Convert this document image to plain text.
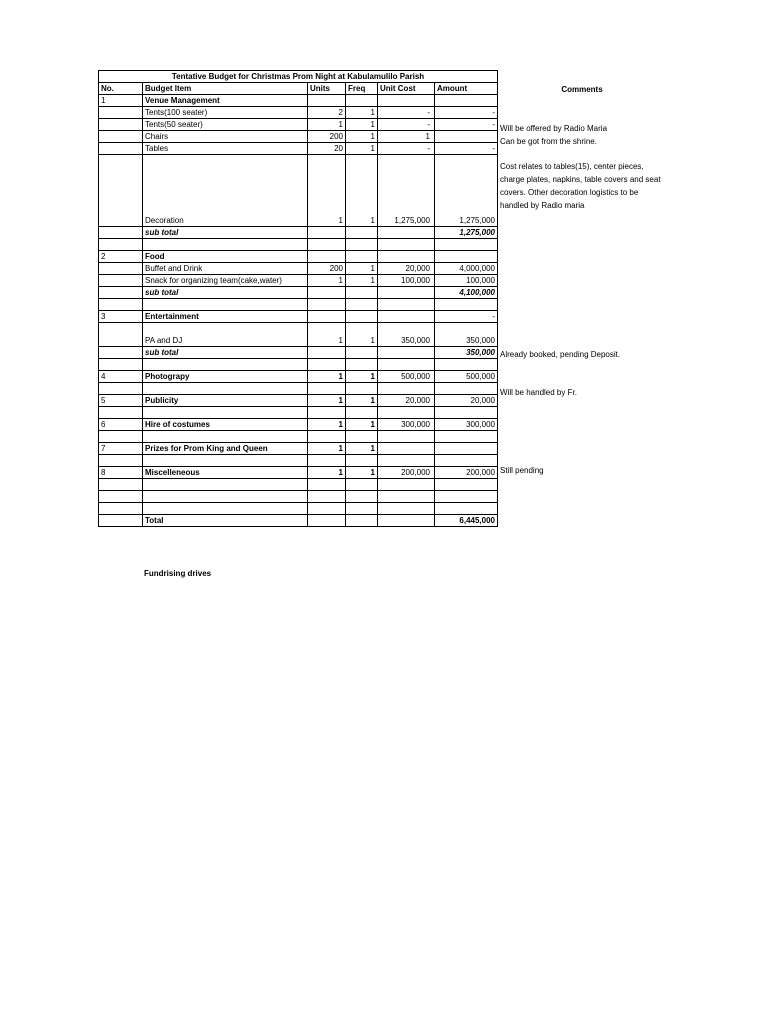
Tentative Budget for Christmas Prom Night at Kabulamulilo Parish					
No.	Budget Item	Units	Freq	Unit Cost	Amount
1	Venue Management				
	Tents(100 seater)	2	1	-	-
	Tents(50 seater)	1	1	-	-
	Chairs	200	1	1	
	Tables	20	1	-	-
	Decoration	1	1	1,275,000	1,275,000
	sub total				1,275,000

2	Food				
	Buffet and Drink	200	1	20,000	4,000,000
	Snack for organizing team(cake,water)	1	1	100,000	100,000
	sub total				4,100,000

3	Entertainment				-
	PA and DJ	1	1	350,000	350,000
	sub total				350,000

4	Photograpy	1	1	500,000	500,000

5	Publicity	1	1	20,000	20,000

6	Hire of costumes	1	1	300,000	300,000

7	Prizes for Prom King and Queen	1	1		

8	Miscelleneous	1	1	200,000	200,000

	Total				6,445,000
Comments
Will be offered by Radio Maria
Can be got from the shrine.
Cost relates to tables(15), center pieces, charge plates, napkins, table covers and seat covers. Other decoration logistics to be handled by Radio maria
Already booked, pending Deposit.
Will be handled by Fr.
Still pending
Fundrising drives
